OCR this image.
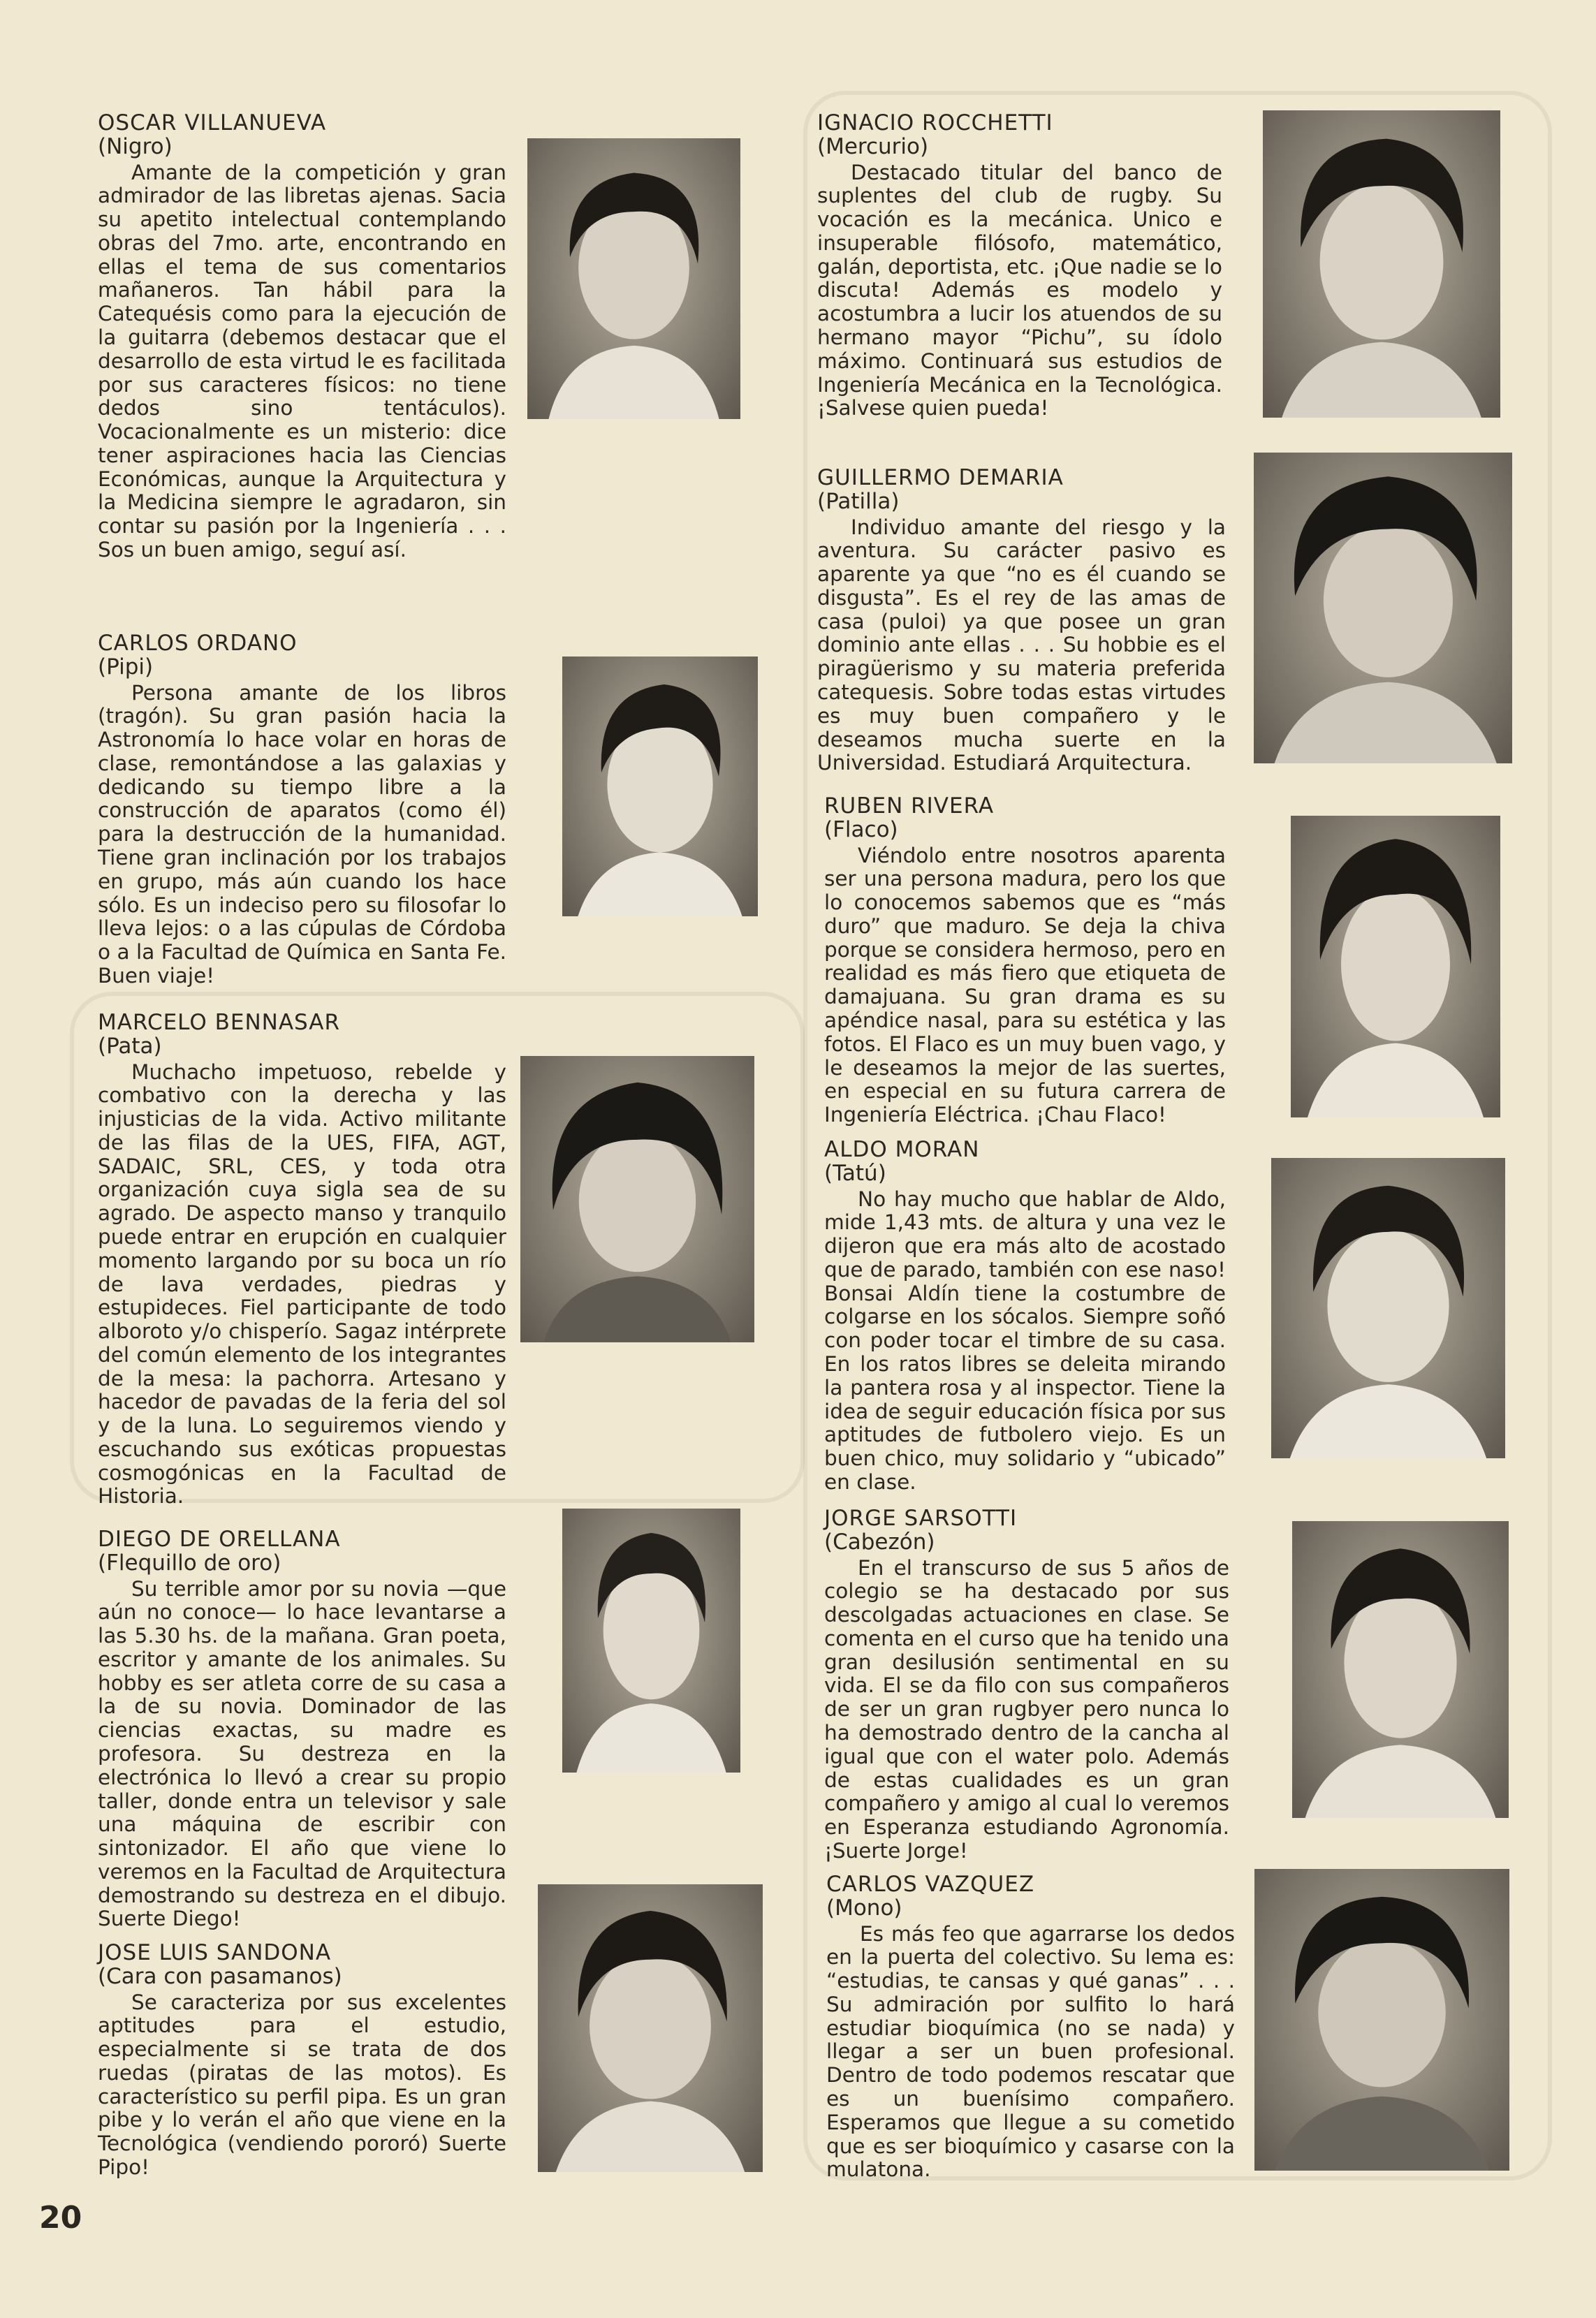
OSCAR VILLANUEVA
(Nigro)
Amante de la competición y gran admirador de las libretas ajenas. Sacia su apetito intelectual contemplando obras del 7mo. arte, encontrando en ellas el tema de sus comentarios mañaneros. Tan hábil para la Catequésis como para la ejecución de la guitarra (debemos destacar que el desarrollo de esta virtud le es facilitada por sus caracteres físicos: no tiene dedos sino tentáculos). Vocacionalmente es un misterio: dice tener aspiraciones hacia las Ciencias Económicas, aunque la Arquitectura y la Medicina siempre le agradaron, sin contar su pasión por la Ingeniería . . . Sos un buen amigo, seguí así.
CARLOS ORDANO
(Pipi)
Persona amante de los libros (tragón). Su gran pasión hacia la Astronomía lo hace volar en horas de clase, remontándose a las galaxias y dedicando su tiempo libre a la construcción de aparatos (como él) para la destrucción de la humanidad. Tiene gran inclinación por los trabajos en grupo, más aún cuando los hace sólo. Es un indeciso pero su filosofar lo lleva lejos: o a las cúpulas de Córdoba o a la Facultad de Química en Santa Fe. Buen viaje!
MARCELO BENNASAR
(Pata)
Muchacho impetuoso, rebelde y combativo con la derecha y las injusticias de la vida. Activo militante de las filas de la UES, FIFA, AGT, SADAIC, SRL, CES, y toda otra organización cuya sigla sea de su agrado. De aspecto manso y tranquilo puede entrar en erupción en cualquier momento largando por su boca un río de lava verdades, piedras y estupideces. Fiel participante de todo alboroto y/o chisperío. Sagaz intérprete del común elemento de los integrantes de la mesa: la pachorra. Artesano y hacedor de pavadas de la feria del sol y de la luna. Lo seguiremos viendo y escuchando sus exóticas propuestas cosmogónicas en la Facultad de Historia.
DIEGO DE ORELLANA
(Flequillo de oro)
Su terrible amor por su novia —que aún no conoce— lo hace levantarse a las 5.30 hs. de la mañana. Gran poeta, escritor y amante de los animales. Su hobby es ser atleta corre de su casa a la de su novia. Dominador de las ciencias exactas, su madre es profesora. Su destreza en la electrónica lo llevó a crear su propio taller, donde entra un televisor y sale una máquina de escribir con sintonizador. El año que viene lo veremos en la Facultad de Arquitectura demostrando su destreza en el dibujo. Suerte Diego!
JOSE LUIS SANDONA
(Cara con pasamanos)
Se caracteriza por sus excelentes aptitudes para el estudio, especialmente si se trata de dos ruedas (piratas de las motos). Es característico su perfil pipa. Es un gran pibe y lo verán el año que viene en la Tecnológica (vendiendo pororó) Suerte Pipo!
IGNACIO ROCCHETTI
(Mercurio)
Destacado titular del banco de suplentes del club de rugby. Su vocación es la mecánica. Unico e insuperable filósofo, matemático, galán, deportista, etc. ¡Que nadie se lo discuta! Además es modelo y acostumbra a lucir los atuendos de su hermano mayor “Pichu”, su ídolo máximo. Continuará sus estudios de Ingeniería Mecánica en la Tecnológica. ¡Salvese quien pueda!
GUILLERMO DEMARIA
(Patilla)
Individuo amante del riesgo y la aventura. Su carácter pasivo es aparente ya que “no es él cuando se disgusta”. Es el rey de las amas de casa (puloi) ya que posee un gran dominio ante ellas . . . Su hobbie es el piragüerismo y su materia preferida catequesis. Sobre todas estas virtudes es muy buen compañero y le deseamos mucha suerte en la Universidad. Estudiará Arquitectura.
RUBEN RIVERA
(Flaco)
Viéndolo entre nosotros aparenta ser una persona madura, pero los que lo conocemos sabemos que es “más duro” que maduro. Se deja la chiva porque se considera hermoso, pero en realidad es más fiero que etiqueta de damajuana. Su gran drama es su apéndice nasal, para su estética y las fotos. El Flaco es un muy buen vago, y le deseamos la mejor de las suertes, en especial en su futura carrera de Ingeniería Eléctrica. ¡Chau Flaco!
ALDO MORAN
(Tatú)
No hay mucho que hablar de Aldo, mide 1,43 mts. de altura y una vez le dijeron que era más alto de acostado que de parado, también con ese naso! Bonsai Aldín tiene la costumbre de colgarse en los sócalos. Siempre soñó con poder tocar el timbre de su casa. En los ratos libres se deleita mirando la pantera rosa y al inspector. Tiene la idea de seguir educación física por sus aptitudes de futbolero viejo. Es un buen chico, muy solidario y “ubicado” en clase.
JORGE SARSOTTI
(Cabezón)
En el transcurso de sus 5 años de colegio se ha destacado por sus descolgadas actuaciones en clase. Se comenta en el curso que ha tenido una gran desilusión sentimental en su vida. El se da filo con sus compañeros de ser un gran rugbyer pero nunca lo ha demostrado dentro de la cancha al igual que con el water polo. Además de estas cualidades es un gran compañero y amigo al cual lo veremos en Esperanza estudiando Agronomía. ¡Suerte Jorge!
CARLOS VAZQUEZ
(Mono)
Es más feo que agarrarse los dedos en la puerta del colectivo. Su lema es: “estudias, te cansas y qué ganas” . . . Su admiración por sulfito lo hará estudiar bioquímica (no se nada) y llegar a ser un buen profesional. Dentro de todo podemos rescatar que es un buenísimo compañero. Esperamos que llegue a su cometido que es ser bioquímico y casarse con la mulatona.
20
